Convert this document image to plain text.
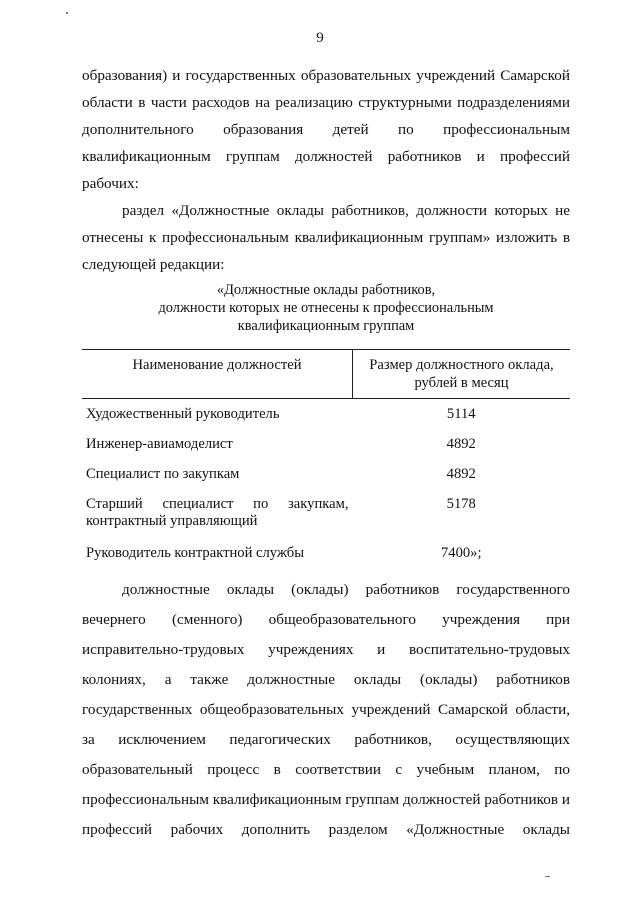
9
образования) и государственных образовательных учреждений Самарской
области в части расходов на реализацию структурными подразделениями
дополнительного образования детей по профессиональным
квалификационным группам должностей работников и профессий
рабочих:
раздел «Должностные оклады работников, должности которых не
отнесены к профессиональным квалификационным группам» изложить в
следующей редакции:
«Должностные оклады работников,
должности которых не отнесены к профессиональным
квалификационным группам
Наименование должностей	Размер должностного оклада, рублей в месяц
Художественный руководитель	5114
Инженер-авиамоделист	4892
Специалист по закупкам	4892
Старший специалист по закупкам, контрактный управляющий	5178
Руководитель контрактной службы	7400»;
должностные оклады (оклады) работников государственного
вечернего (сменного) общеобразовательного учреждения при
исправительно-трудовых учреждениях и воспитательно-трудовых
колониях, а также должностные оклады (оклады) работников
государственных общеобразовательных учреждений Самарской области,
за исключением педагогических работников, осуществляющих
образовательный процесс в соответствии с учебным планом, по
профессиональным квалификационным группам должностей работников и
профессий рабочих дополнить разделом «Должностные оклады
